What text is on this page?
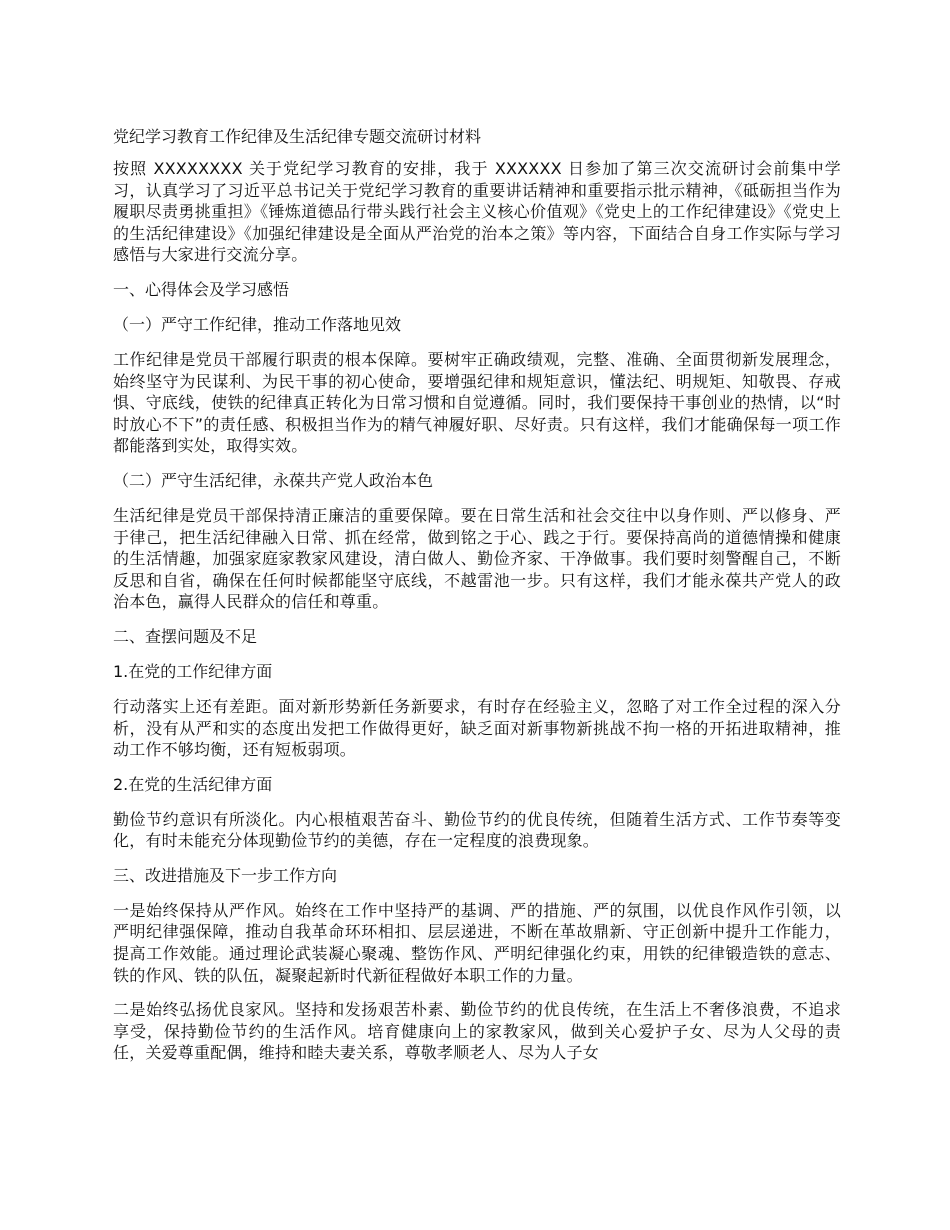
党纪学习教育工作纪律及生活纪律专题交流研讨材料

按照 XXXXXXXX 关于党纪学习教育的安排，我于 XXXXXX 日参加了第三次交流研讨会前集中学习，认真学习了习近平总书记关于党纪学习教育的重要讲话精神和重要指示批示精神，《砥砺担当作为履职尽责勇挑重担》《锤炼道德品行带头践行社会主义核心价值观》《党史上的工作纪律建设》《党史上的生活纪律建设》《加强纪律建设是全面从严治党的治本之策》等内容，下面结合自身工作实际与学习感悟与大家进行交流分享。

一、心得体会及学习感悟
（一）严守工作纪律，推动工作落地见效

工作纪律是党员干部履行职责的根本保障。要树牢正确政绩观，完整、准确、全面贯彻新发展理念，始终坚守为民谋利、为民干事的初心使命，要增强纪律和规矩意识，懂法纪、明规矩、知敬畏、存戒惧、守底线，使铁的纪律真正转化为日常习惯和自觉遵循。同时，我们要保持干事创业的热情，以“时时放心不下”的责任感、积极担当作为的精气神履好职、尽好责。只有这样，我们才能确保每一项工作都能落到实处，取得实效。

（二）严守生活纪律，永葆共产党人政治本色

生活纪律是党员干部保持清正廉洁的重要保障。要在日常生活和社会交往中以身作则、严以修身、严于律己，把生活纪律融入日常、抓在经常，做到铭之于心、践之于行。要保持高尚的道德情操和健康的生活情趣，加强家庭家教家风建设，清白做人、勤俭齐家、干净做事。我们要时刻警醒自己，不断反思和自省，确保在任何时候都能坚守底线，不越雷池一步。只有这样，我们才能永葆共产党人的政治本色，赢得人民群众的信任和尊重。

二、查摆问题及不足
1.在党的工作纪律方面

行动落实上还有差距。面对新形势新任务新要求，有时存在经验主义，忽略了对工作全过程的深入分析，没有从严和实的态度出发把工作做得更好，缺乏面对新事物新挑战不拘一格的开拓进取精神，推动工作不够均衡，还有短板弱项。

2.在党的生活纪律方面

勤俭节约意识有所淡化。内心根植艰苦奋斗、勤俭节约的优良传统，但随着生活方式、工作节奏等变化，有时未能充分体现勤俭节约的美德，存在一定程度的浪费现象。

三、改进措施及下一步工作方向

一是始终保持从严作风。始终在工作中坚持严的基调、严的措施、严的氛围，以优良作风作引领，以严明纪律强保障，推动自我革命环环相扣、层层递进，不断在革故鼎新、守正创新中提升工作能力，提高工作效能。通过理论武装凝心聚魂、整饬作风、严明纪律强化约束，用铁的纪律锻造铁的意志、铁的作风、铁的队伍，凝聚起新时代新征程做好本职工作的力量。

二是始终弘扬优良家风。坚持和发扬艰苦朴素、勤俭节约的优良传统，在生活上不奢侈浪费，不追求享受，保持勤俭节约的生活作风。培育健康向上的家教家风，做到关心爱护子女、尽为人父母的责任，关爱尊重配偶，维持和睦夫妻关系，尊敬孝顺老人、尽为人子女
